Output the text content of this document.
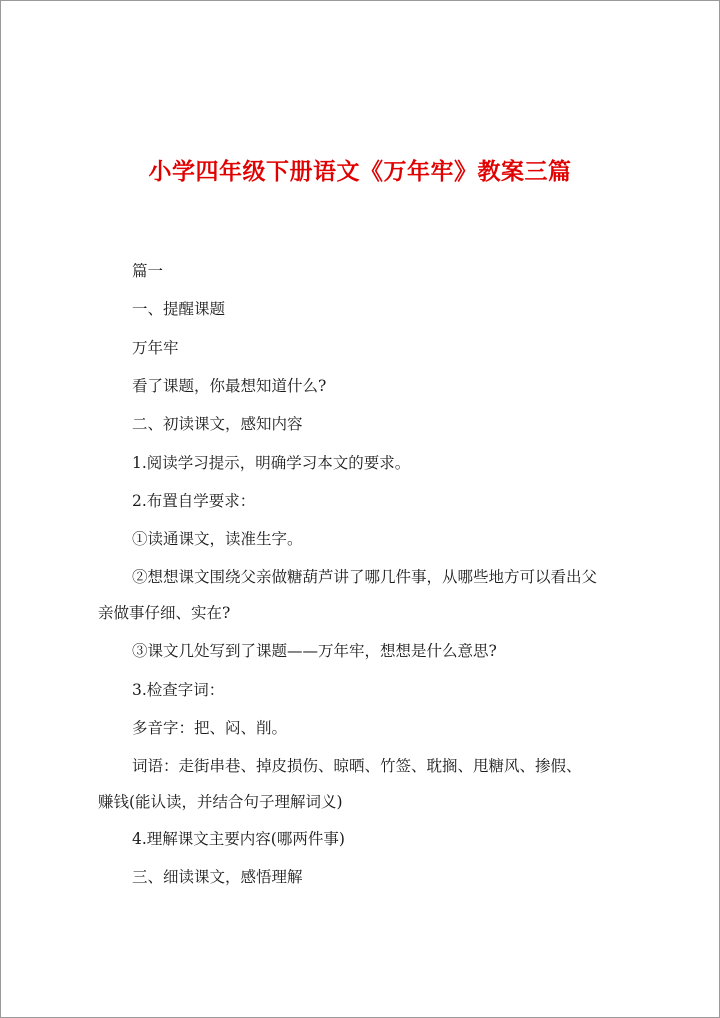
小学四年级下册语文《万年牢》教案三篇

篇一

一、提醒课题

万年牢

看了课题，你最想知道什么?

二、初读课文，感知内容

1.阅读学习提示，明确学习本文的要求。

2.布置自学要求：

①读通课文，读准生字。

②想想课文围绕父亲做糖葫芦讲了哪几件事，从哪些地方可以看出父

亲做事仔细、实在?

③课文几处写到了课题——万年牢，想想是什么意思?

3.检查字词：

多音字：把、闷、削。

词语：走街串巷、掉皮损伤、晾晒、竹签、耽搁、甩糖风、掺假、

赚钱(能认读，并结合句子理解词义)

4.理解课文主要内容(哪两件事)

三、细读课文，感悟理解
